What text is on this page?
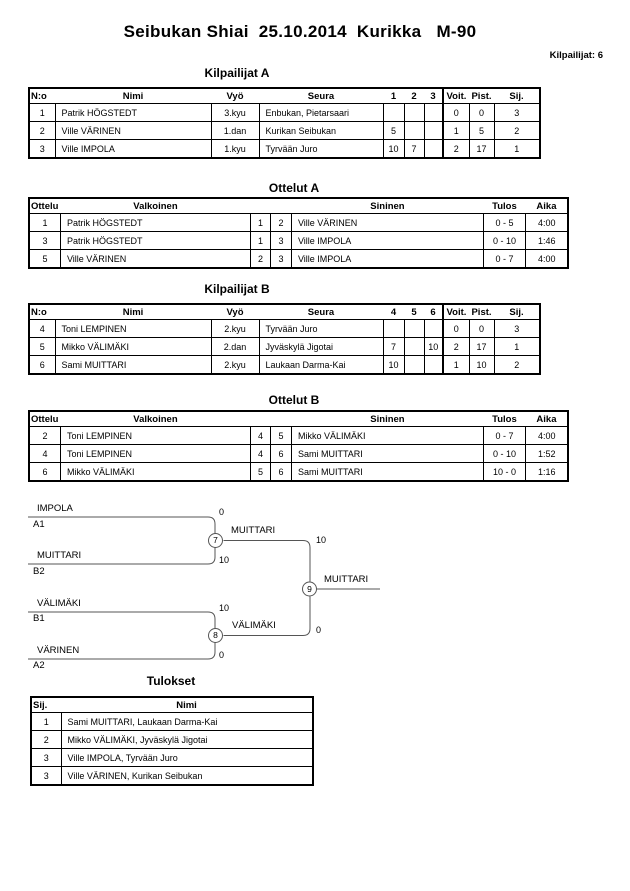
Seibukan Shiai  25.10.2014  Kurikka   M-90
Kilpailijat: 6
Kilpailijat A
N:o	Nimi	Vyö	Seura	1	2	3	Voit.	Pist.	Sij.
1	Patrik HÖGSTEDT	3.kyu	Enbukan, Pietarsaari				0	0	3
2	Ville VÄRINEN	1.dan	Kurikan Seibukan	5			1	5	2
3	Ville IMPOLA	1.kyu	Tyrvään Juro	10	7		2	17	1
Ottelut A
Ottelu	Valkoinen			Sininen	Tulos	Aika
1	Patrik HÖGSTEDT	1	2	Ville VÄRINEN	0 - 5	4:00
3	Patrik HÖGSTEDT	1	3	Ville IMPOLA	0 - 10	1:46
5	Ville VÄRINEN	2	3	Ville IMPOLA	0 - 7	4:00
Kilpailijat B
N:o	Nimi	Vyö	Seura	4	5	6	Voit.	Pist.	Sij.
4	Toni LEMPINEN	2.kyu	Tyrvään Juro				0	0	3
5	Mikko VÄLIMÄKI	2.dan	Jyväskylä Jigotai	7		10	2	17	1
6	Sami MUITTARI	2.kyu	Laukaan Darma-Kai	10			1	10	2
Ottelut B
Ottelu	Valkoinen			Sininen	Tulos	Aika
2	Toni LEMPINEN	4	5	Mikko VÄLIMÄKI	0 - 7	4:00
4	Toni LEMPINEN	4	6	Sami MUITTARI	0 - 10	1:52
6	Mikko VÄLIMÄKI	5	6	Sami MUITTARI	10 - 0	1:16
IMPOLA
A1
MUITTARI
B2
VÄLIMÄKI
B1
VÄRINEN
A2
0
10
10
0
MUITTARI
VÄLIMÄKI
10
0
MUITTARI
7
8
9
Tulokset
Sij.	Nimi
1	Sami MUITTARI, Laukaan Darma-Kai
2	Mikko VÄLIMÄKI, Jyväskylä Jigotai
3	Ville IMPOLA, Tyrvään Juro
3	Ville VÄRINEN, Kurikan Seibukan
